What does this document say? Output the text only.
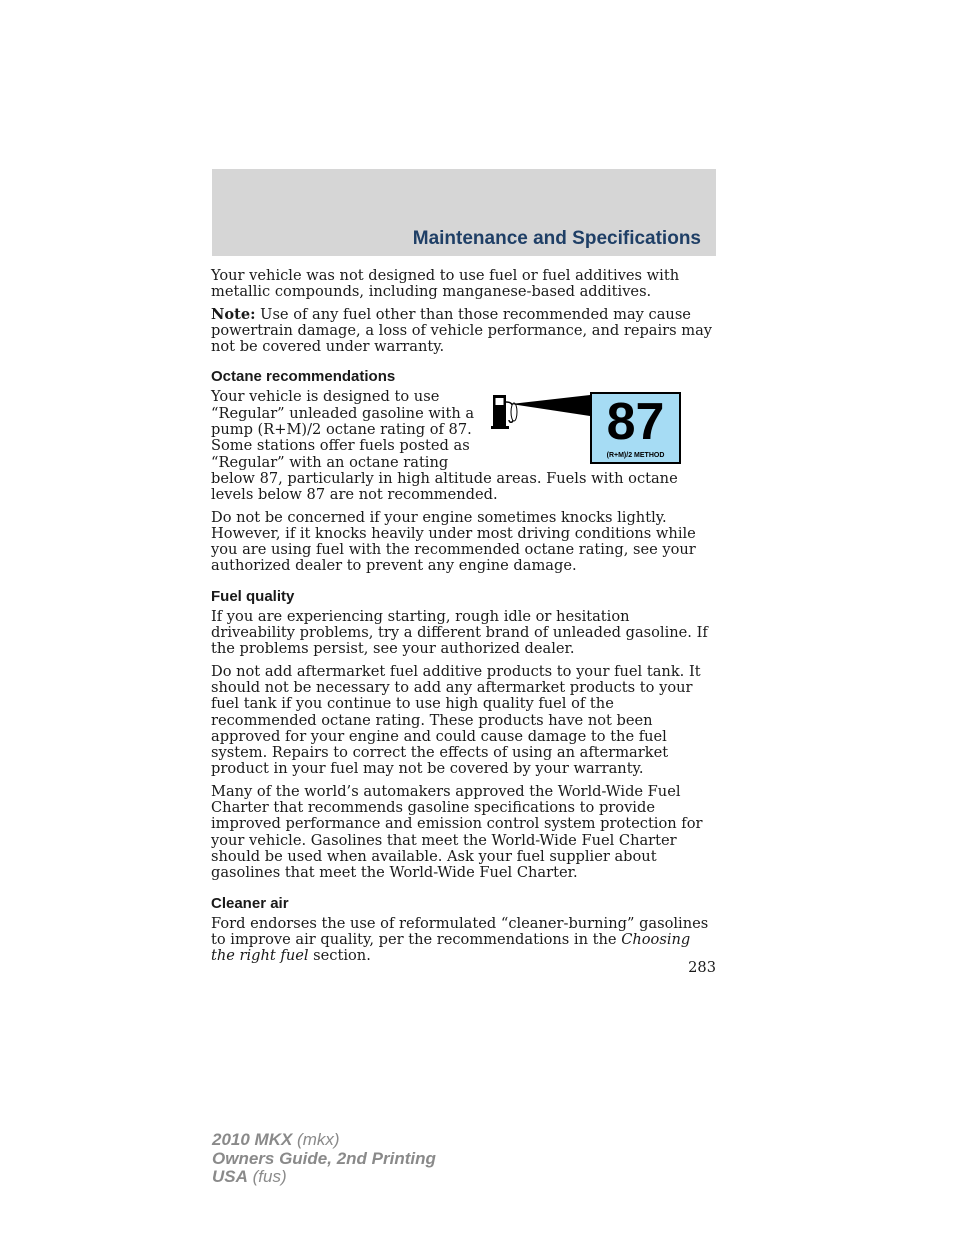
Maintenance and Specifications

Your vehicle was not designed to use fuel or fuel additives with metallic compounds, including manganese-based additives.

Note: Use of any fuel other than those recommended may cause powertrain damage, a loss of vehicle performance, and repairs may not be covered under warranty.

Octane recommendations
87
(R+M)/2 METHOD

Your vehicle is designed to use “Regular” unleaded gasoline with a pump (R+M)/2 octane rating of 87. Some stations offer fuels posted as “Regular” with an octane rating below 87, particularly in high altitude areas. Fuels with octane levels below 87 are not recommended.

Do not be concerned if your engine sometimes knocks lightly. However, if it knocks heavily under most driving conditions while you are using fuel with the recommended octane rating, see your authorized dealer to prevent any engine damage.

Fuel quality

If you are experiencing starting, rough idle or hesitation driveability problems, try a different brand of unleaded gasoline. If the problems persist, see your authorized dealer.

Do not add aftermarket fuel additive products to your fuel tank. It should not be necessary to add any aftermarket products to your fuel tank if you continue to use high quality fuel of the recommended octane rating. These products have not been approved for your engine and could cause damage to the fuel system. Repairs to correct the effects of using an aftermarket product in your fuel may not be covered by your warranty.

Many of the world’s automakers approved the World-Wide Fuel Charter that recommends gasoline specifications to provide improved performance and emission control system protection for your vehicle. Gasolines that meet the World-Wide Fuel Charter should be used when available. Ask your fuel supplier about gasolines that meet the World-Wide Fuel Charter.

Cleaner air

Ford endorses the use of reformulated “cleaner-burning” gasolines to improve air quality, per the recommendations in the Choosing the right fuel section.

283
2010 MKX (mkx)
Owners Guide, 2nd Printing
USA (fus)
